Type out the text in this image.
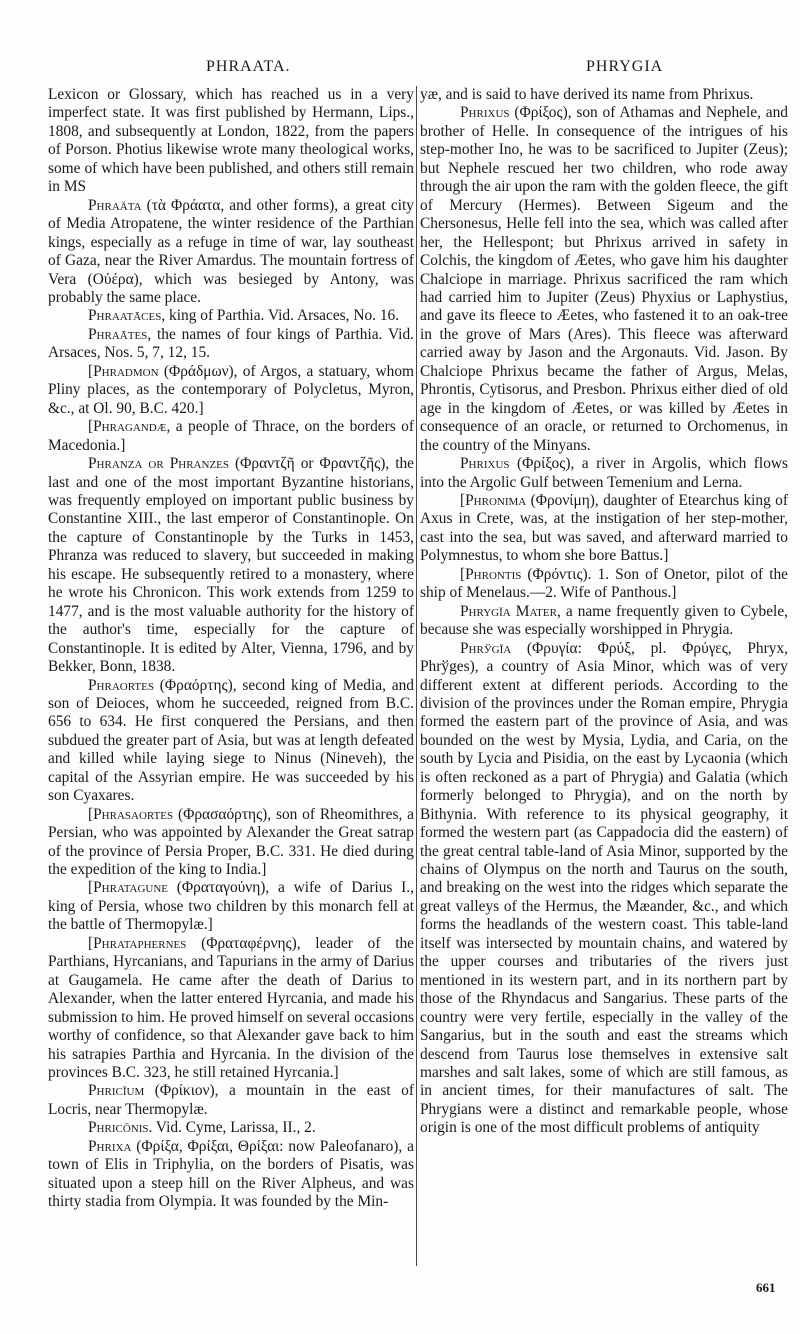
PHRAATA.	PHRYGIA

Lexicon or Glossary, which has reached us in a very imperfect state. It was first published by Hermann, Lips., 1808, and subsequently at London, 1822, from the papers of Porson. Photius likewise wrote many theological works, some of which have been published, and others still remain in MS

Phraäta (τὰ Φράατα, and other forms), a great city of Media Atropatene, the winter residence of the Parthian kings, especially as a refuge in time of war, lay southeast of Gaza, near the River Amardus. The mountain fortress of Vera (Οὐέρα), which was besieged by Antony, was probably the same place.

Phraatāces, king of Parthia. Vid. Arsaces, No. 16.

Phraātes, the names of four kings of Parthia. Vid. Arsaces, Nos. 5, 7, 12, 15.

[Phradmon (Φράδμων), of Argos, a statuary, whom Pliny places, as the contemporary of Polycletus, Myron, &c., at Ol. 90, B.C. 420.]

[Phragandæ, a people of Thrace, on the borders of Macedonia.]

Phranza or Phranzes (Φραντζῆ or Φραντζῆς), the last and one of the most important Byzantine historians, was frequently employed on important public business by Constantine XIII., the last emperor of Constantinople. On the capture of Constantinople by the Turks in 1453, Phranza was reduced to slavery, but succeeded in making his escape. He subsequently retired to a monastery, where he wrote his Chronicon. This work extends from 1259 to 1477, and is the most valuable authority for the history of the author's time, especially for the capture of Constantinople. It is edited by Alter, Vienna, 1796, and by Bekker, Bonn, 1838.

Phraortes (Φραόρτης), second king of Media, and son of Deioces, whom he succeeded, reigned from B.C. 656 to 634. He first conquered the Persians, and then subdued the greater part of Asia, but was at length defeated and killed while laying siege to Ninus (Nineveh), the capital of the Assyrian empire. He was succeeded by his son Cyaxares.

[Phrasaortes (Φρασαόρτης), son of Rheomithres, a Persian, who was appointed by Alexander the Great satrap of the province of Persia Proper, B.C. 331. He died during the expedition of the king to India.]

[Phratagune (Φραταγούνη), a wife of Darius I., king of Persia, whose two children by this monarch fell at the battle of Thermopylæ.]

[Phrataphernes (Φραταφέρνης), leader of the Parthians, Hyrcanians, and Tapurians in the army of Darius at Gaugamela. He came after the death of Darius to Alexander, when the latter entered Hyrcania, and made his submission to him. He proved himself on several occasions worthy of confidence, so that Alexander gave back to him his satrapies Parthia and Hyrcania. In the division of the provinces B.C. 323, he still retained Hyrcania.]

Phricĭum (Φρίκιον), a mountain in the east of Locris, near Thermopylæ.

Phricōnis. Vid. Cyme, Larissa, II., 2.

Phrixa (Φρίξα, Φρίξαι, Θρίξαι: now Paleofanaro), a town of Elis in Triphylia, on the borders of Pisatis, was situated upon a steep hill on the River Alpheus, and was thirty stadia from Olympia. It was founded by the Min-

yæ, and is said to have derived its name from Phrixus.

Phrixus (Φρίξος), son of Athamas and Nephele, and brother of Helle. In consequence of the intrigues of his step-mother Ino, he was to be sacrificed to Jupiter (Zeus); but Nephele rescued her two children, who rode away through the air upon the ram with the golden fleece, the gift of Mercury (Hermes). Between Sigeum and the Chersonesus, Helle fell into the sea, which was called after her, the Hellespont; but Phrixus arrived in safety in Colchis, the kingdom of Æetes, who gave him his daughter Chalciope in marriage. Phrixus sacrificed the ram which had carried him to Jupiter (Zeus) Phyxius or Laphystius, and gave its fleece to Æetes, who fastened it to an oak-tree in the grove of Mars (Ares). This fleece was afterward carried away by Jason and the Argonauts. Vid. Jason. By Chalciope Phrixus became the father of Argus, Melas, Phrontis, Cytisorus, and Presbon. Phrixus either died of old age in the kingdom of Æetes, or was killed by Æetes in consequence of an oracle, or returned to Orchomenus, in the country of the Minyans.

Phrixus (Φρίξος), a river in Argolis, which flows into the Argolic Gulf between Temenium and Lerna.

[Phronima (Φρονίμη), daughter of Etearchus king of Axus in Crete, was, at the instigation of her step-mother, cast into the sea, but was saved, and afterward married to Polymnestus, to whom she bore Battus.]

[Phrontis (Φρόντις). 1. Son of Onetor, pilot of the ship of Menelaus.—2. Wife of Panthous.]

Phrygĭa Mater, a name frequently given to Cybele, because she was especially worshipped in Phrygia.

Phrўgĭa (Φρυγία: Φρύξ, pl. Φρύγες, Phryx, Phrўges), a country of Asia Minor, which was of very different extent at different periods. According to the division of the provinces under the Roman empire, Phrygia formed the eastern part of the province of Asia, and was bounded on the west by Mysia, Lydia, and Caria, on the south by Lycia and Pisidia, on the east by Lycaonia (which is often reckoned as a part of Phrygia) and Galatia (which formerly belonged to Phrygia), and on the north by Bithynia. With reference to its physical geography, it formed the western part (as Cappadocia did the eastern) of the great central table-land of Asia Minor, supported by the chains of Olympus on the north and Taurus on the south, and breaking on the west into the ridges which separate the great valleys of the Hermus, the Mæander, &c., and which forms the headlands of the western coast. This table-land itself was intersected by mountain chains, and watered by the upper courses and tributaries of the rivers just mentioned in its western part, and in its northern part by those of the Rhyndacus and Sangarius. These parts of the country were very fertile, especially in the valley of the Sangarius, but in the south and east the streams which descend from Taurus lose themselves in extensive salt marshes and salt lakes, some of which are still famous, as in ancient times, for their manufactures of salt. The Phrygians were a distinct and remarkable people, whose origin is one of the most difficult problems of antiquity

661
